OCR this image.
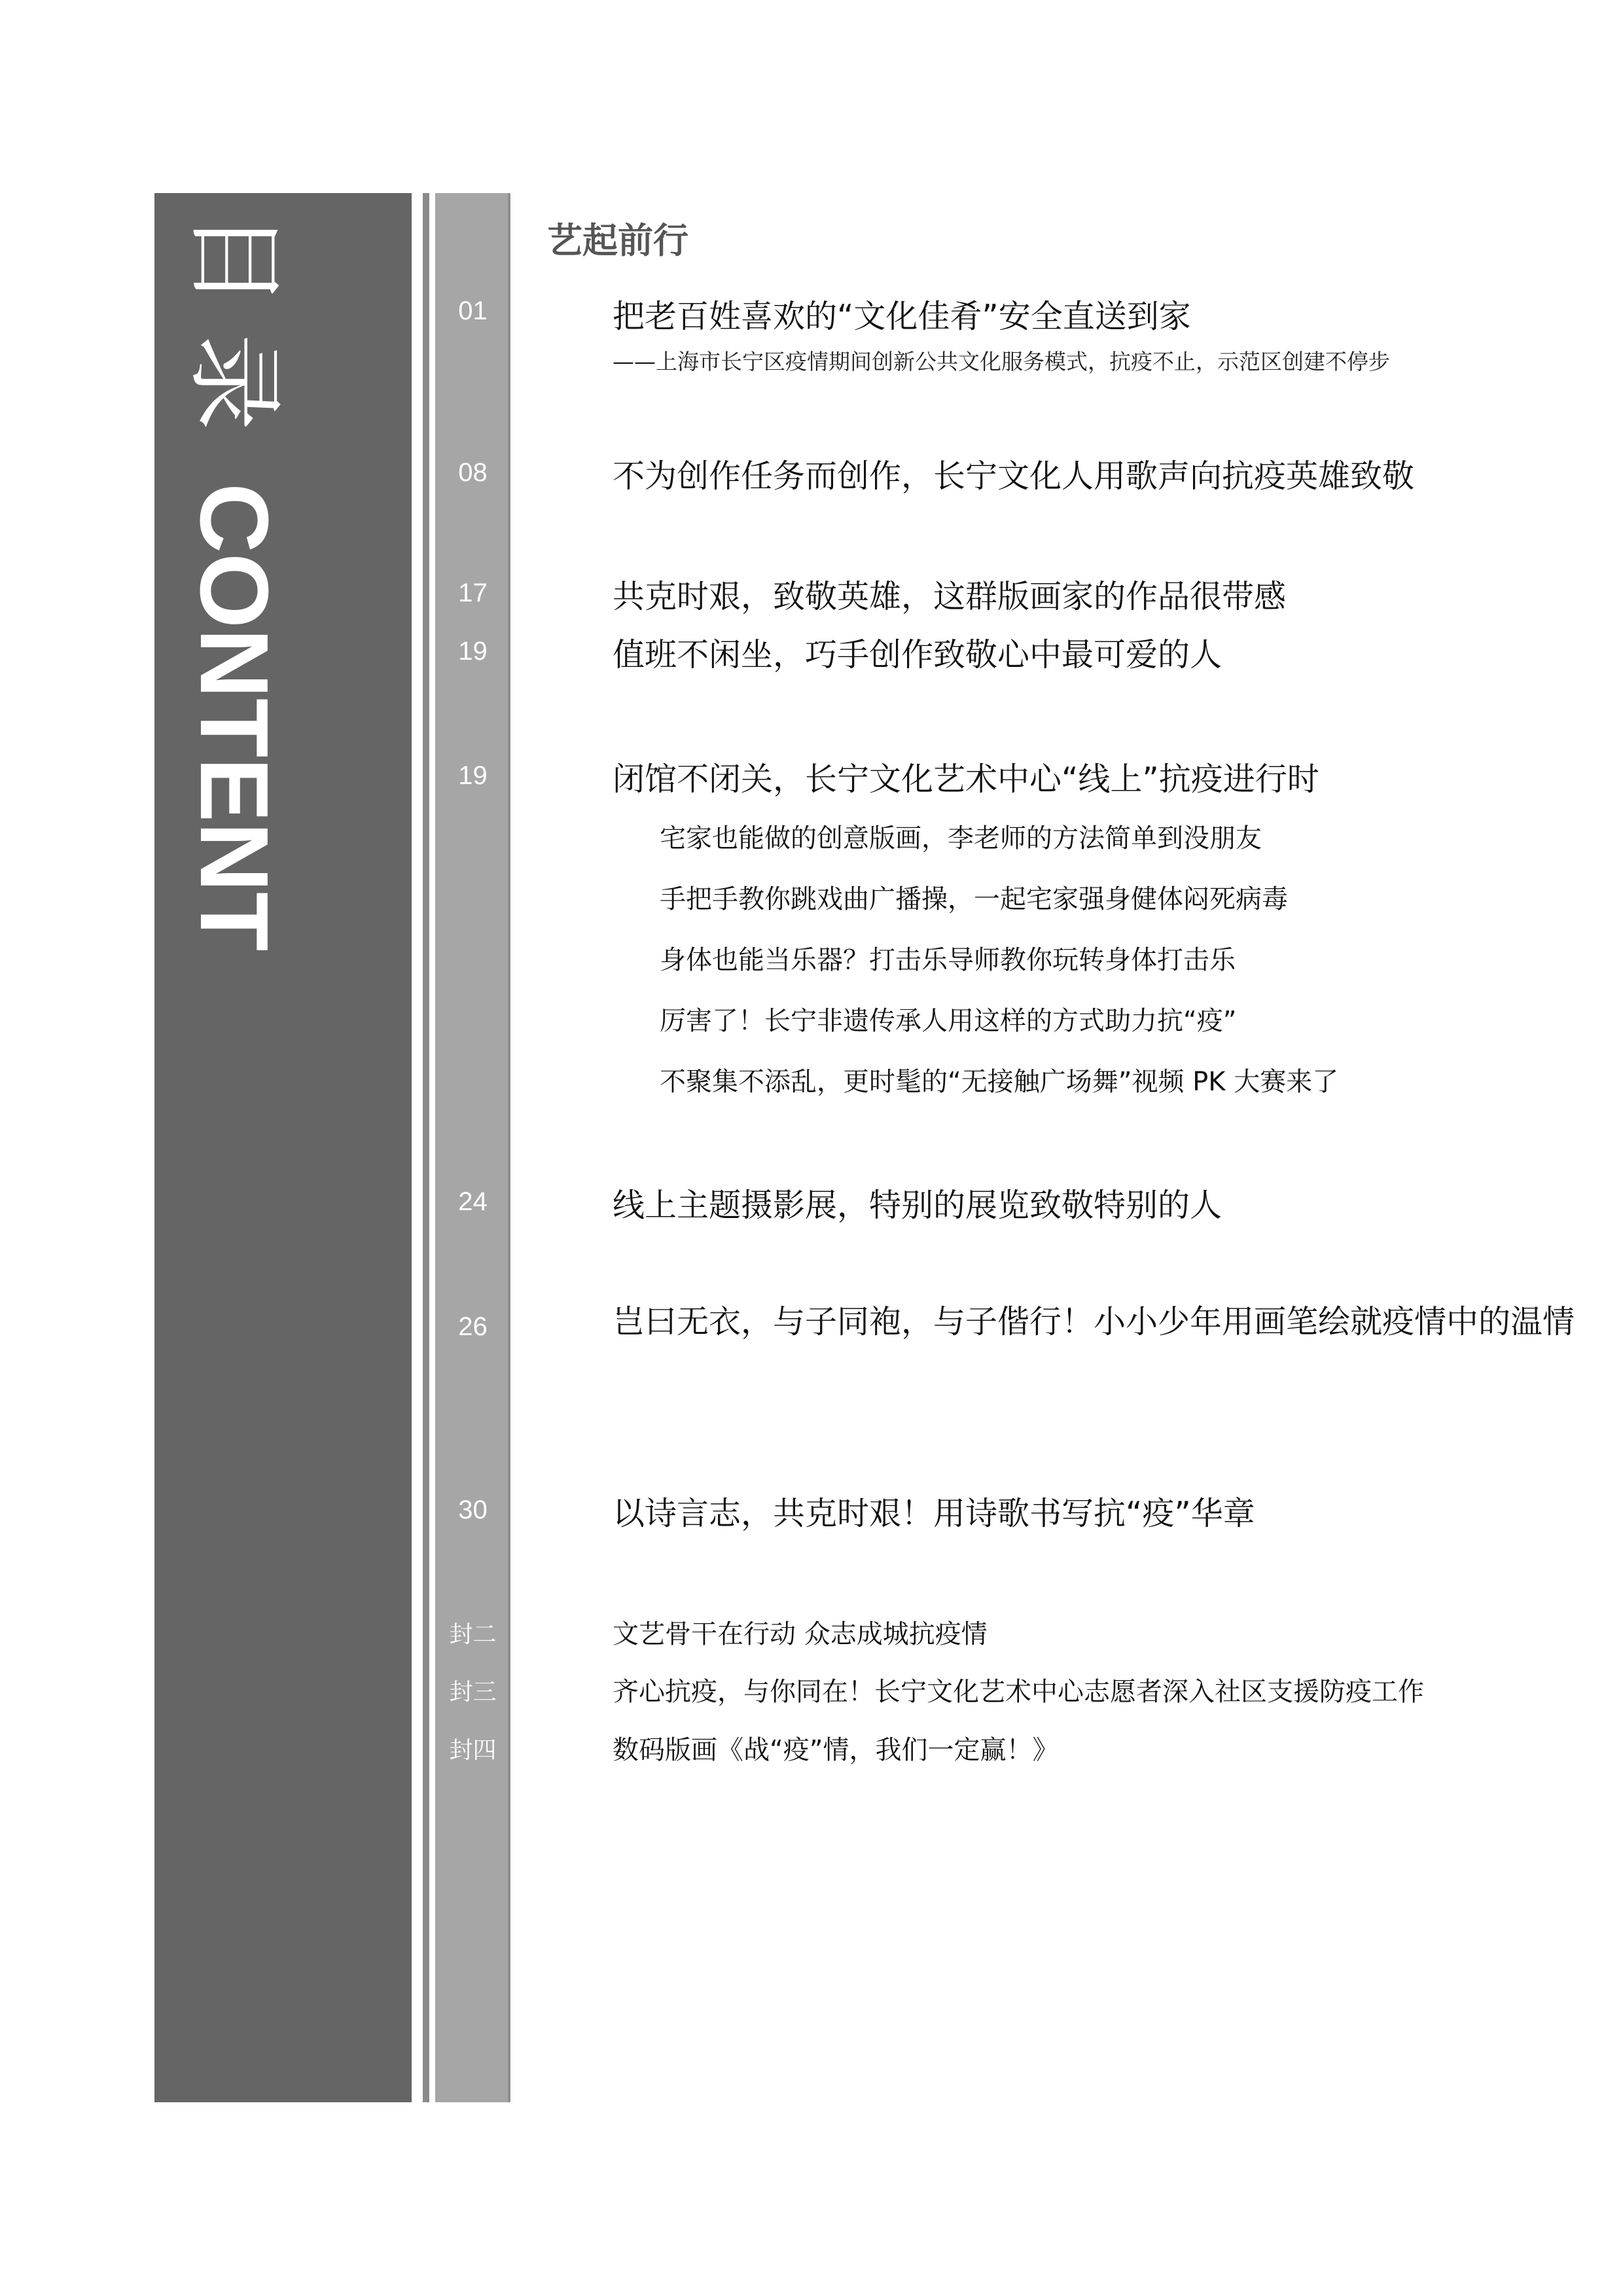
目录CONTENT
艺起前行
01	把老百姓喜欢的“文化佳肴”安全直送到家
——上海市长宁区疫情期间创新公共文化服务模式，抗疫不止，示范区创建不停步
08	不为创作任务而创作，长宁文化人用歌声向抗疫英雄致敬
17	共克时艰，致敬英雄，这群版画家的作品很带感
19	值班不闲坐，巧手创作致敬心中最可爱的人
19	闭馆不闭关，长宁文化艺术中心“线上”抗疫进行时
宅家也能做的创意版画，李老师的方法简单到没朋友
手把手教你跳戏曲广播操，一起宅家强身健体闷死病毒
身体也能当乐器？打击乐导师教你玩转身体打击乐
厉害了！长宁非遗传承人用这样的方式助力抗“疫”
不聚集不添乱，更时髦的“无接触广场舞”视频 PK 大赛来了
24	线上主题摄影展，特别的展览致敬特别的人
26	岂曰无衣，与子同袍，与子偕行！小小少年用画笔绘就疫情中的温情
30	以诗言志，共克时艰！用诗歌书写抗“疫”华章
封二	文艺骨干在行动 众志成城抗疫情
封三	齐心抗疫，与你同在！长宁文化艺术中心志愿者深入社区支援防疫工作
封四	数码版画《战“疫”情，我们一定赢！》
